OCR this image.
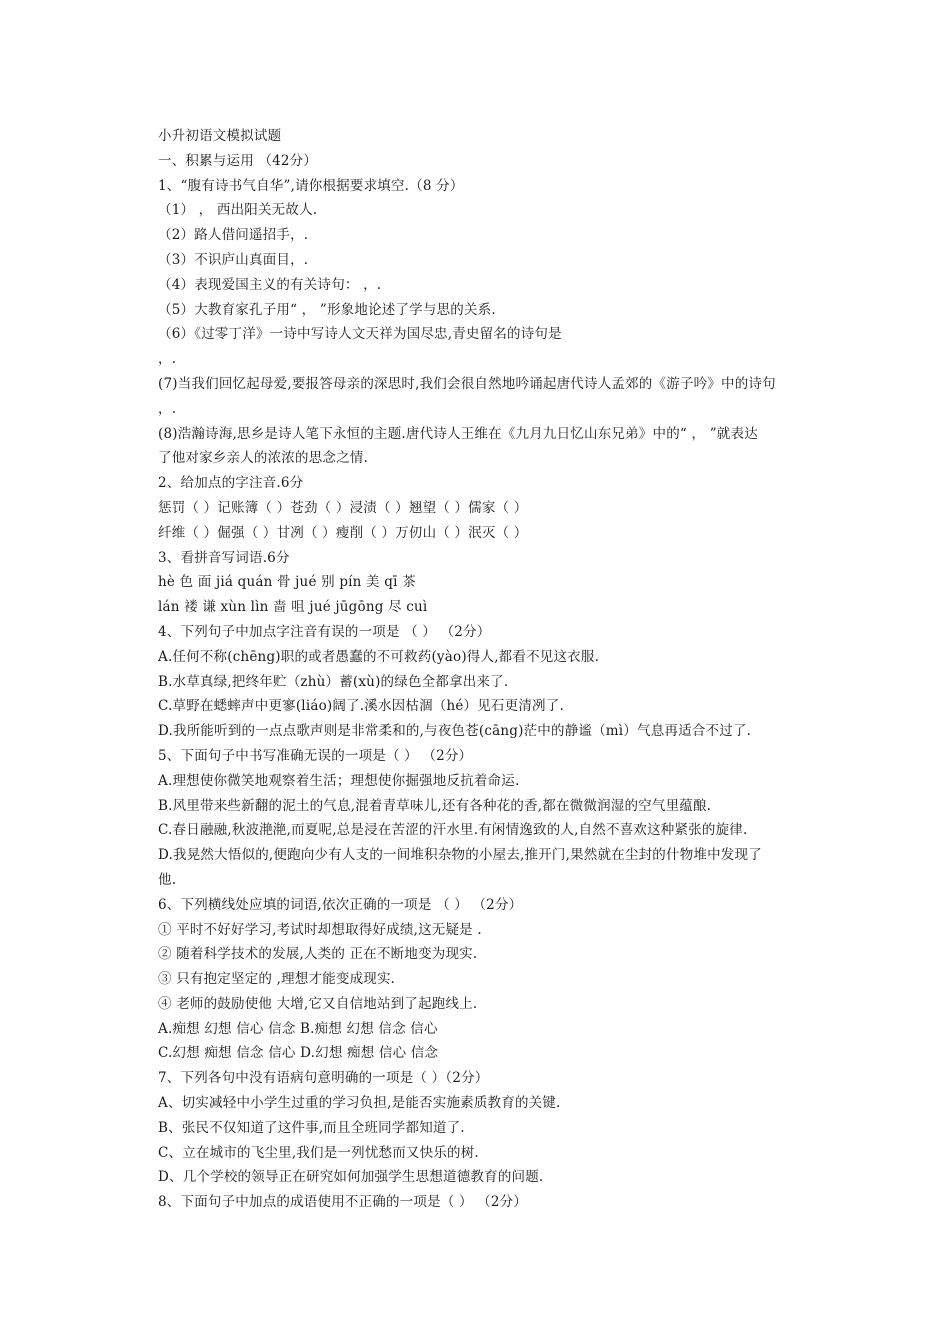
小升初语文模拟试题
一、积累与运用 （42分）
1、“腹有诗书气自华”,请你根据要求填空.（8 分）
（1） ， 西出阳关无故人.
（2）路人借问遥招手，.
（3）不识庐山真面目，.
（4）表现爱国主义的有关诗句： ，.
（5）大教育家孔子用“ ， ”形象地论述了学与思的关系.
（6）《过零丁洋》一诗中写诗人文天祥为国尽忠,青史留名的诗句是
，.
(7)当我们回忆起母爱,要报答母亲的深思时,我们会很自然地吟诵起唐代诗人孟郊的《游子吟》中的诗句
，.
(8)浩瀚诗海,思乡是诗人笔下永恒的主题.唐代诗人王维在《九月九日忆山东兄弟》中的“ ， ”就表达
了他对家乡亲人的浓浓的思念之情.
2、给加点的字注音.6分
惩罚（ ）记账簿（ ）苍劲（ ）浸渍（ ）翘望（ ）儒家（ ）
纤维（ ）倔强（ ）甘冽（ ）瘦削（ ）万仞山（ ）泯灭（ ）
3、看拼音写词语.6分
hè 色 面 jiá quán 骨 jué 别 pín 美 qī 茶
lán 褛 谦 xùn lìn 啬 咀 jué jūgōng 尽 cuì
4、下列句子中加点字注音有误的一项是 （ ） （2分）
A.任何不称(chēng)职的或者愚蠢的不可救药(yào)得人,都看不见这衣服.
B.水草真绿,把终年贮（zhù）蓄(xù)的绿色全都拿出来了.
C.草野在蟋蟀声中更寥(liáo)阔了.溪水因枯涸（hé）见石更清冽了.
D.我所能听到的一点点歌声则是非常柔和的,与夜色苍(cāng)茫中的静谧（mì）气息再适合不过了.
5、下面句子中书写准确无误的一项是（ ） （2分）
A.理想使你微笑地观察着生活；理想使你掘强地反抗着命运.
B.风里带来些新翻的泥土的气息,混着青草味儿,还有各种花的香,都在微微润湿的空气里蕴酿.
C.春日融融,秋波滟滟,而夏呢,总是浸在苦涩的汗水里.有闲情逸致的人,自然不喜欢这种紧张的旋律.
D.我晃然大悟似的,便跑向少有人支的一间堆积杂物的小屋去,推开门,果然就在尘封的什物堆中发现了
他.
6、下列横线处应填的词语,依次正确的一项是 （ ） （2分）
① 平时不好好学习,考试时却想取得好成绩,这无疑是 .
② 随着科学技术的发展,人类的 正在不断地变为现实.
③ 只有抱定坚定的 ,理想才能变成现实.
④ 老师的鼓励使他 大增,它又自信地站到了起跑线上.
A.痴想 幻想 信心 信念 B.痴想 幻想 信念 信心
C.幻想 痴想 信念 信心 D.幻想 痴想 信心 信念
7、下列各句中没有语病句意明确的一项是（ ）（2分）
A、切实减轻中小学生过重的学习负担,是能否实施素质教育的关键.
B、张民不仅知道了这件事,而且全班同学都知道了.
C、立在城市的飞尘里,我们是一列忧愁而又快乐的树.
D、几个学校的领导正在研究如何加强学生思想道德教育的问题.
8、下面句子中加点的成语使用不正确的一项是（ ） （2分）
